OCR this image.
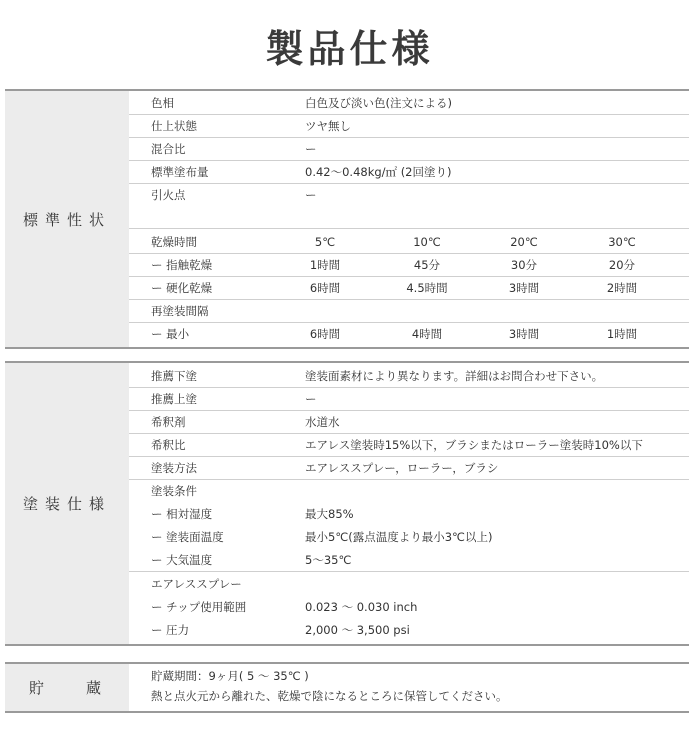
製品仕様
標準性状
色相	白色及び淡い色(注文による)
仕上状態	ツヤ無し
混合比	ー
標準塗布量	0.42〜0.48kg/㎡ (2回塗り)
引火点	ー
乾燥時間	5℃	10℃	20℃	30℃
ー 指触乾燥	1時間	45分	30分	20分
ー 硬化乾燥	6時間	4.5時間	3時間	2時間
再塗装間隔
ー 最小	6時間	4時間	3時間	1時間
塗装仕様
推薦下塗	塗装面素材により異なります。詳細はお問合わせ下さい。
推薦上塗	ー
希釈剤	水道水
希釈比	エアレス塗装時15%以下，ブラシまたはローラー塗装時10%以下
塗装方法	エアレススプレー，ローラー，ブラシ
塗装条件
ー 相対湿度	最大85%
ー 塗装面温度	最小5℃(露点温度より最小3℃以上)
ー 大気温度	5〜35℃
エアレススプレー
ー チップ使用範囲	0.023 〜 0.030 inch
ー 圧力	2,000 〜 3,500 psi
貯　　蔵
貯蔵期間：9ヶ月( 5 〜 35℃ )
熱と点火元から離れた、乾燥で陰になるところに保管してください。
